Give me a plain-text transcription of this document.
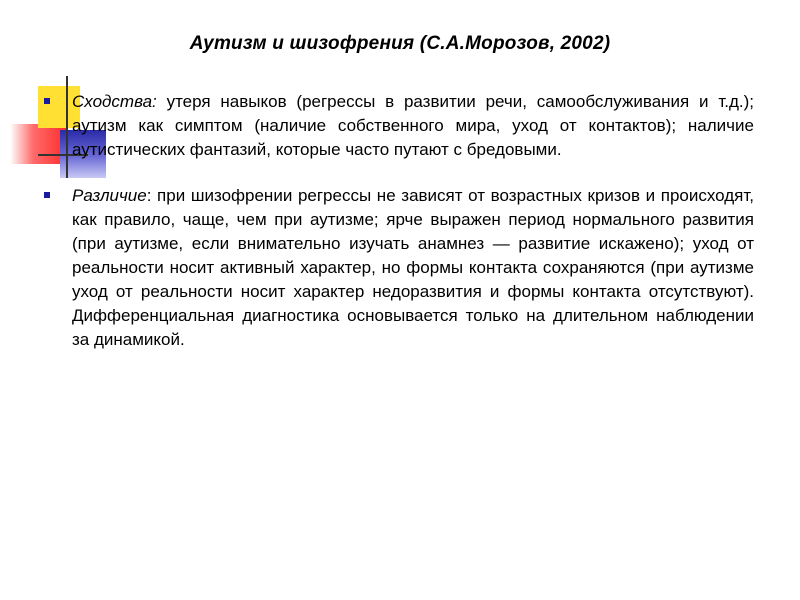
Аутизм и шизофрения (С.А.Морозов, 2002)
Сходства: утеря навыков (регрессы в развитии речи, самообслуживания и т.д.); аутизм как симптом (наличие собственного мира, уход от контактов); наличие аутистических фантазий, которые часто путают с бредовыми.
Различие: при шизофрении регрессы не зависят от возрастных кризов и происходят, как правило, чаще, чем при аутизме; ярче выражен период нормального развития (при аутизме, если внимательно изучать анамнез — развитие искажено); уход от реальности носит активный характер, но формы контакта сохраняются (при аутизме уход от реальности носит характер недоразвития и формы контакта отсутствуют). Дифференциальная диагностика основывается только на длительном наблюдении за динамикой.
